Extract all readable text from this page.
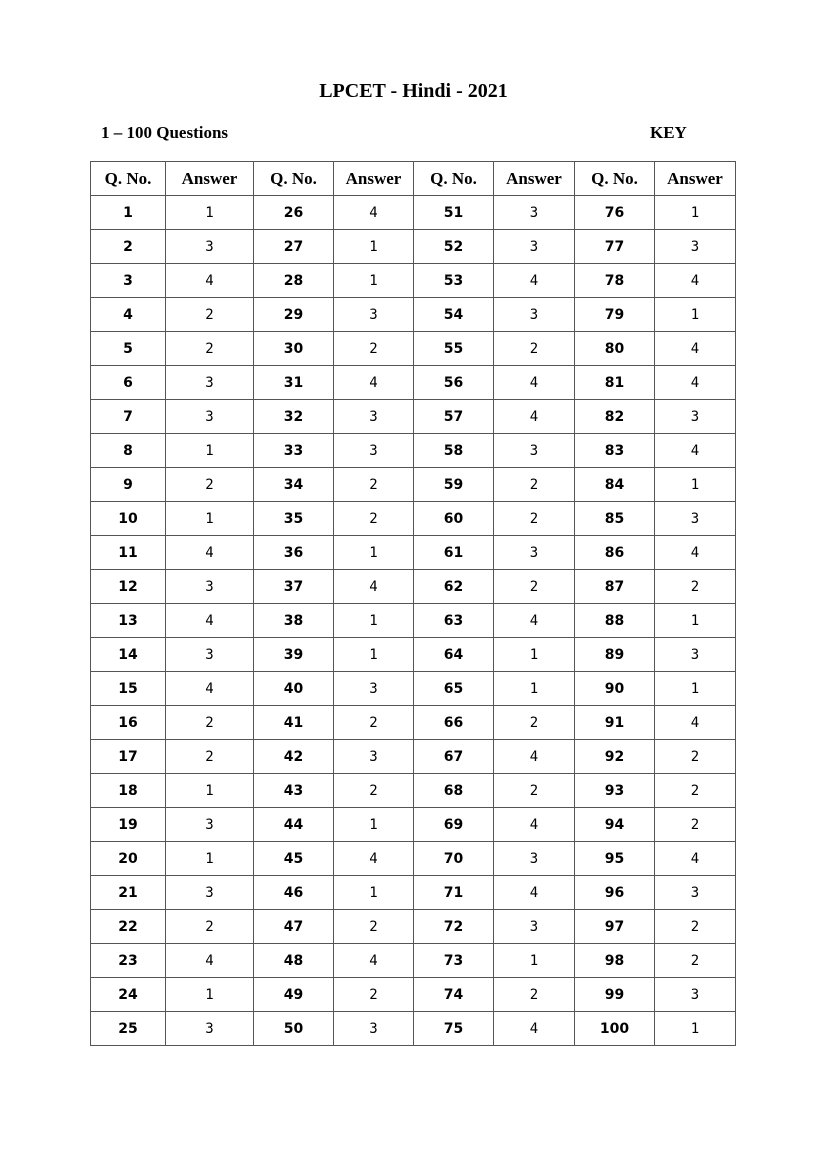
LPCET - Hindi - 2021

1 – 100 Questions	KEY

Q. No.	Answer	Q. No.	Answer	Q. No.	Answer	Q. No.	Answer
1	1	26	4	51	3	76	1
2	3	27	1	52	3	77	3
3	4	28	1	53	4	78	4
4	2	29	3	54	3	79	1
5	2	30	2	55	2	80	4
6	3	31	4	56	4	81	4
7	3	32	3	57	4	82	3
8	1	33	3	58	3	83	4
9	2	34	2	59	2	84	1
10	1	35	2	60	2	85	3
11	4	36	1	61	3	86	4
12	3	37	4	62	2	87	2
13	4	38	1	63	4	88	1
14	3	39	1	64	1	89	3
15	4	40	3	65	1	90	1
16	2	41	2	66	2	91	4
17	2	42	3	67	4	92	2
18	1	43	2	68	2	93	2
19	3	44	1	69	4	94	2
20	1	45	4	70	3	95	4
21	3	46	1	71	4	96	3
22	2	47	2	72	3	97	2
23	4	48	4	73	1	98	2
24	1	49	2	74	2	99	3
25	3	50	3	75	4	100	1
